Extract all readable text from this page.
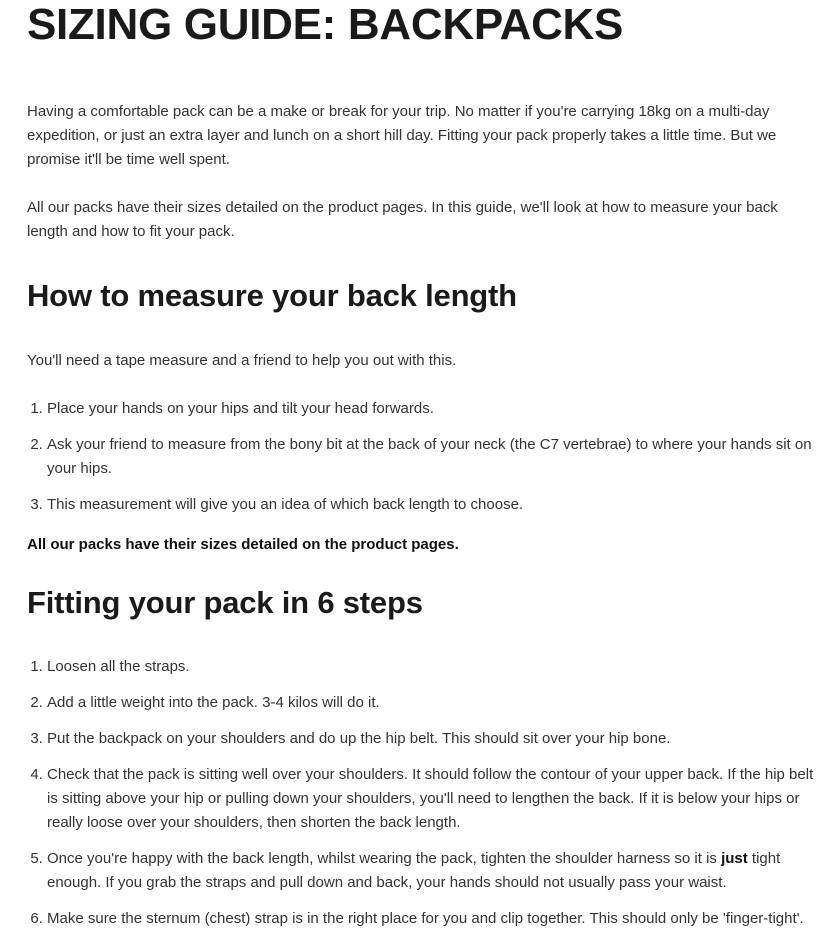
SIZING GUIDE: BACKPACKS

Having a comfortable pack can be a make or break for your trip. No matter if you're carrying 18kg on a multi-day expedition, or just an extra layer and lunch on a short hill day. Fitting your pack properly takes a little time. But we promise it'll be time well spent.

All our packs have their sizes detailed on the product pages. In this guide, we'll look at how to measure your back length and how to fit your pack.

How to measure your back length

You'll need a tape measure and a friend to help you out with this.

1. Place your hands on your hips and tilt your head forwards.
2. Ask your friend to measure from the bony bit at the back of your neck (the C7 vertebrae) to where your hands sit on your hips.
3. This measurement will give you an idea of which back length to choose.

All our packs have their sizes detailed on the product pages.

Fitting your pack in 6 steps
1. Loosen all the straps.
2. Add a little weight into the pack. 3-4 kilos will do it.
3. Put the backpack on your shoulders and do up the hip belt. This should sit over your hip bone.
4. Check that the pack is sitting well over your shoulders. It should follow the contour of your upper back. If the hip belt is sitting above your hip or pulling down your shoulders, you'll need to lengthen the back. If it is below your hips or really loose over your shoulders, then shorten the back length.
5. Once you're happy with the back length, whilst wearing the pack, tighten the shoulder harness so it is just tight enough. If you grab the straps and pull down and back, your hands should not usually pass your waist.
6. Make sure the sternum (chest) strap is in the right place for you and clip together. This should only be 'finger-tight'.
